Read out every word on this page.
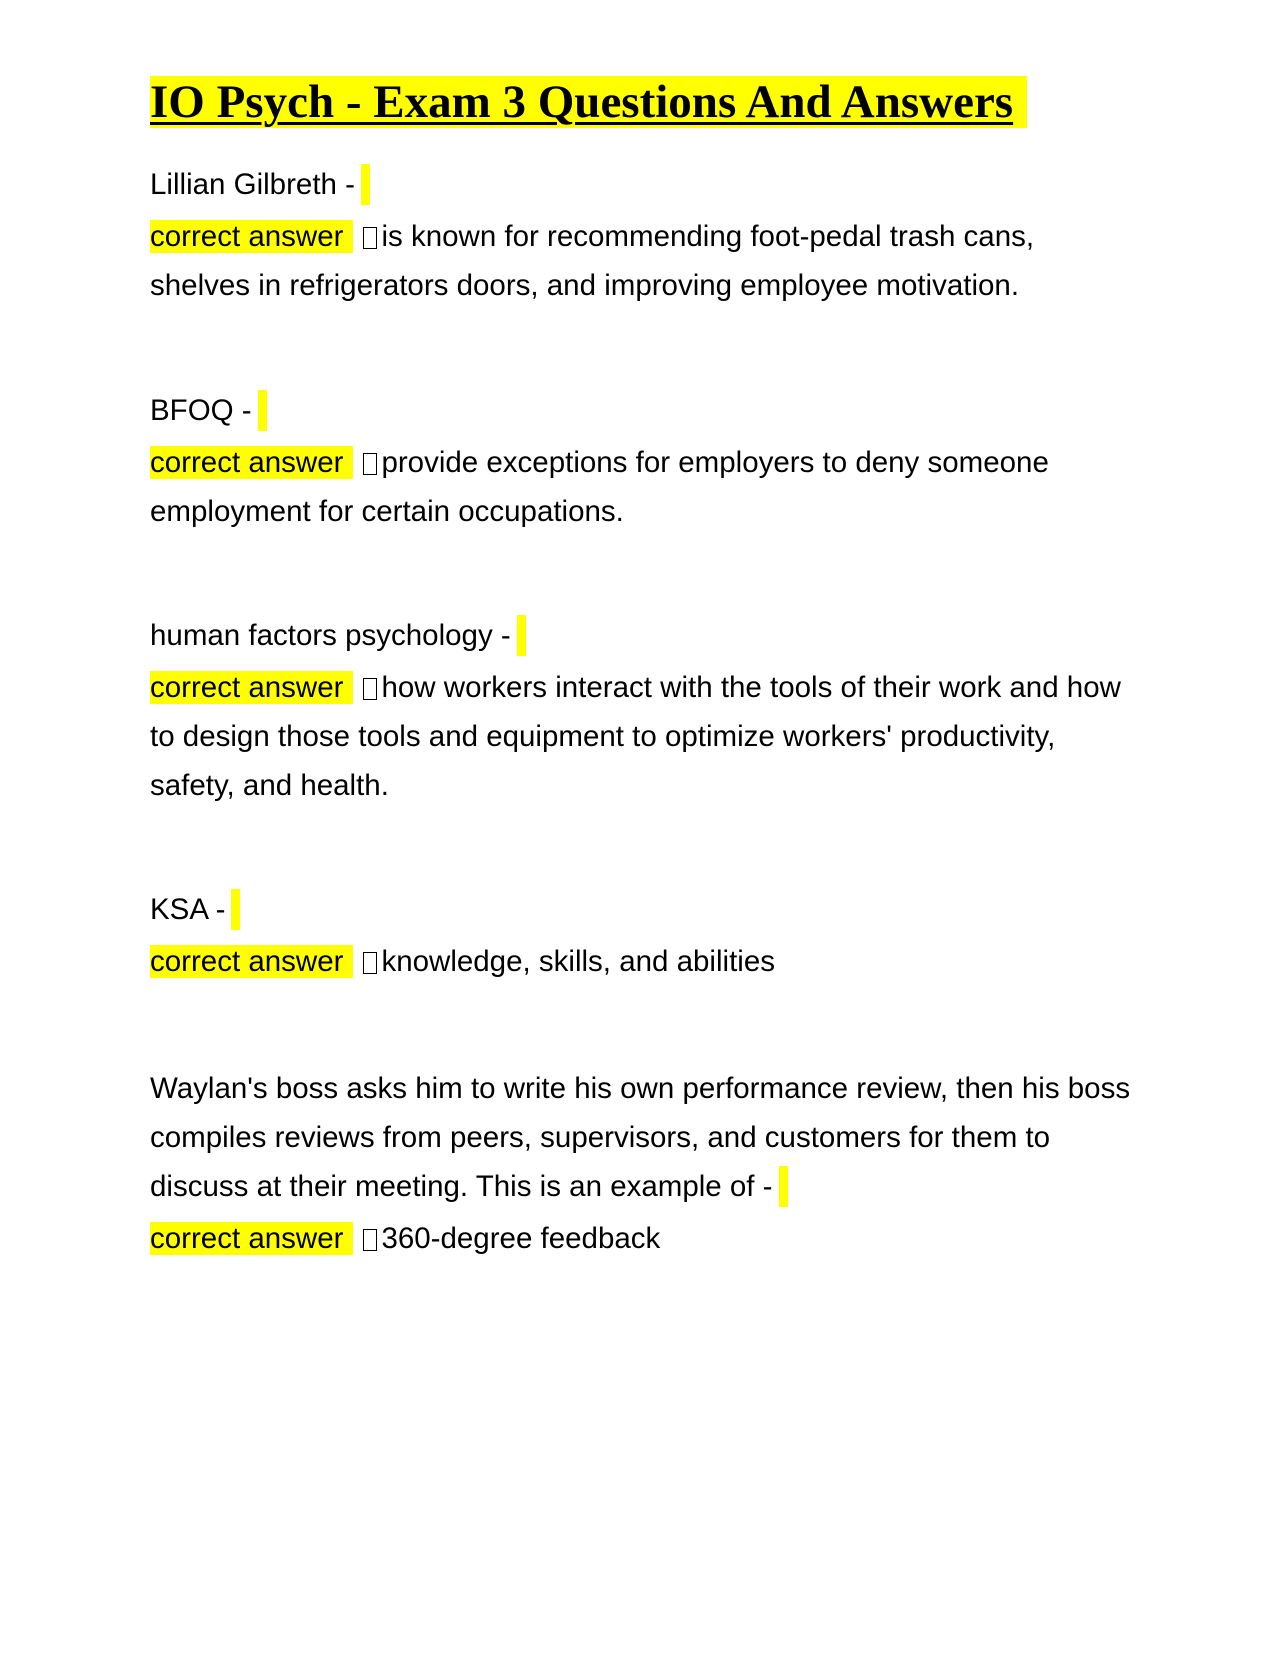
IO Psych - Exam 3 Questions And Answers
Lillian Gilbreth -
correct answer is known for recommending foot-pedal trash cans, shelves in refrigerators doors, and improving employee motivation.
BFOQ -
correct answer provide exceptions for employers to deny someone employment for certain occupations.
human factors psychology -
correct answer how workers interact with the tools of their work and how to design those tools and equipment to optimize workers' productivity, safety, and health.
KSA -
correct answer knowledge, skills, and abilities
Waylan's boss asks him to write his own performance review, then his boss compiles reviews from peers, supervisors, and customers for them to discuss at their meeting. This is an example of -
correct answer 360-degree feedback
